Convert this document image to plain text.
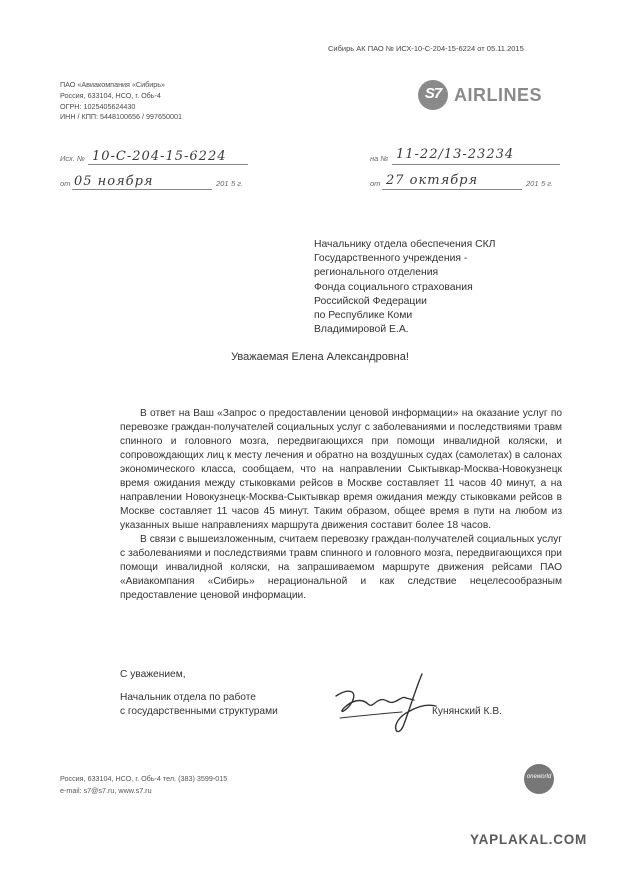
Сибирь АК ПАО № ИСХ-10-С-204-15-6224 от 05.11.2015
ПАО «Авиакомпания «Сибирь»
Россия, 633104, НСО, г. Обь-4
ОГРН: 1025405624430
ИНН / КПП: 5448100656 / 997650001
S7 AIRLINES
Исх. № 10-С-204-15-6224
от 05 ноября	201 5 г.
на № 11-22/13-23234
от 27 октября	201 5 г.
Начальнику отдела обеспечения СКЛ
Государственного учреждения -
регионального отделения
Фонда социального страхования
Российской Федерации
по Республике Коми
Владимировой Е.А.
Уважаемая Елена Александровна!

В ответ на Ваш «Запрос о предоставлении ценовой информации» на оказание услуг по перевозке граждан-получателей социальных услуг с заболеваниями и последствиями травм спинного и головного мозга, передвигающихся при помощи инвалидной коляски, и сопровождающих лиц к месту лечения и обратно на воздушных судах (самолетах) в салонах экономического класса, сообщаем, что на направлении Сыктывкар-Москва-Новокузнецк время ожидания между стыковками рейсов в Москве составляет 11 часов 40 минут, а на направлении Новокузнецк-Москва-Сыктывкар время ожидания между стыковками рейсов в Москве составляет 11 часов 45 минут. Таким образом, общее время в пути на любом из указанных выше направлениях маршрута движения составит более 18 часов.

В связи с вышеизложенным, считаем перевозку граждан-получателей социальных услуг с заболеваниями и последствиями травм спинного и головного мозга, передвигающихся при помощи инвалидной коляски, на запрашиваемом маршруте движения рейсами ПАО «Авиакомпания «Сибирь» нерациональной и как следствие нецелесообразным предоставление ценовой информации.

С уважением,
Начальник отдела по работе
с государственными структурами	Кунянский К.В.
Россия, 633104, НСО, г. Обь-4 тел. (383) 3599-015
e-mail: s7@s7.ru, www.s7.ru
oneworld
YAPLAKAL.COM
